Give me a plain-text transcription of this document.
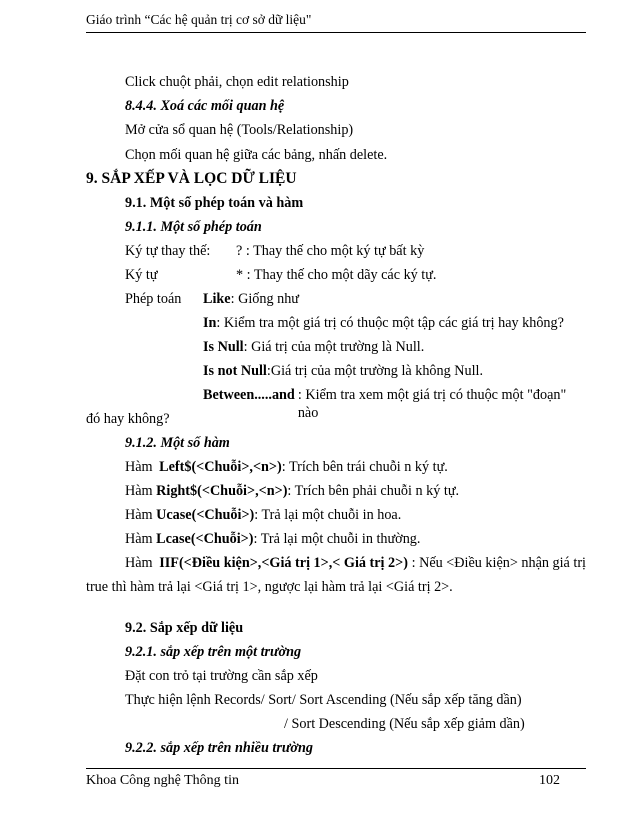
Giáo trình “Các hệ quản trị cơ sở dữ liệu"
Click chuột phải, chọn edit relationship
8.4.4. Xoá các mối quan hệ
Mở cửa sổ quan hệ (Tools/Relationship)
Chọn mối quan hệ giữa các bảng, nhấn delete.
9. SẮP XẾP VÀ LỌC DỮ LIỆU
9.1. Một số phép toán và hàm
9.1.1. Một số phép toán
Ký tự thay thế: ? : Thay thế cho một ký tự bất kỳ
Ký tự	* : Thay thế cho một dãy các ký tự.
Phép toán Like: Giống như
In: Kiểm tra một giá trị có thuộc một tập các giá trị hay không?
Is Null: Giá trị của một trường là Null.
Is not Null:Giá trị của một trường là không Null.
Between.....and : Kiểm tra xem một giá trị có thuộc một "đoạn" nào
đó hay không?
9.1.2. Một số hàm
Hàm Left$(<Chuỗi>,<n>): Trích bên trái chuỗi n ký tự.
Hàm Right$(<Chuỗi>,<n>): Trích bên phải chuỗi n ký tự.
Hàm Ucase(<Chuỗi>): Trả lại một chuỗi in hoa.
Hàm Lcase(<Chuỗi>): Trả lại một chuỗi in thường.
Hàm IIF(<Điều kiện>,<Giá trị 1>,< Giá trị 2>) : Nếu <Điều kiện> nhận giá trị
true thì hàm trả lại <Giá trị 1>, ngược lại hàm trả lại <Giá trị 2>.
9.2. Sắp xếp dữ liệu
9.2.1. sắp xếp trên một trường
Đặt con trỏ tại trường cần sắp xếp
Thực hiện lệnh Records/ Sort/ Sort Ascending (Nếu sắp xếp tăng dần)
/ Sort Descending (Nếu sắp xếp giảm dần)
9.2.2. sắp xếp trên nhiều trường
Khoa Công nghệ Thông tin	102
